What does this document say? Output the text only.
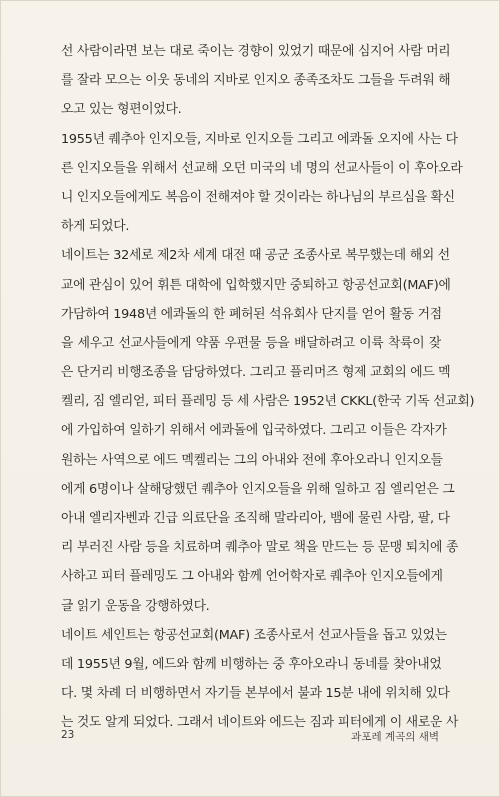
선 사람이라면 보는 대로 죽이는 경향이 있었기 때문에 심지어 사람 머리
를 잘라 모으는 이웃 동네의 지바로 인지오 종족조차도 그들을 두려워 해
오고 있는 형편이었다.
1955년 퀘추아 인지오들, 지바로 인지오들 그리고 에콰돌 오지에 사는 다
른 인지오들을 위해서 선교해 오던 미국의 네 명의 선교사들이 이 후아오라
니 인지오들에게도 복음이 전해져야 할 것이라는 하나님의 부르심을 확신
하게 되었다.
네이트는 32세로 제2차 세계 대전 때 공군 조종사로 복무했는데 해외 선
교에 관심이 있어 휘튼 대학에 입학했지만 중퇴하고 항공선교회(MAF)에
가담하여 1948년 에콰돌의 한 폐허된 석유회사 단지를 얻어 활동 거점
을 세우고 선교사들에게 약품 우편물 등을 배달하려고 이륙 착륙이 잦
은 단거리 비행조종을 담당하였다. 그리고 플리머즈 형제 교회의 에드 멕
켈리, 짐 엘리얻, 피터 플레밍 등 세 사람은 1952년 CKKL(한국 기독 선교회)
에 가입하여 일하기 위해서 에콰돌에 입국하였다. 그리고 이들은 각자가
원하는 사역으로 에드 멕켈리는 그의 아내와 전에 후아오라니 인지오들
에게 6명이나 살해당했던 퀘추아 인지오들을 위해 일하고 짐 엘리얻은 그
아내 엘리자벤과 긴급 의료단을 조직해 말라리아, 뱀에 물린 사람, 팔, 다
리 부러진 사람 등을 치료하며 퀘추아 말로 책을 만드는 등 문맹 퇴치에 종
사하고 피터 플레밍도 그 아내와 함께 언어학자로 퀘추아 인지오들에게
글 읽기 운동을 강행하였다.
네이트 세인트는 항공선교회(MAF) 조종사로서 선교사들을 돕고 있었는
데 1955년 9월, 에드와 함께 비행하는 중 후아오라니 동네를 찾아내었
다. 몇 차례 더 비행하면서 자기들 본부에서 불과 15분 내에 위치해 있다
는 것도 알게 되었다. 그래서 네이트와 에드는 짐과 피터에게 이 새로운 사
23	과포레 계곡의 새벽
